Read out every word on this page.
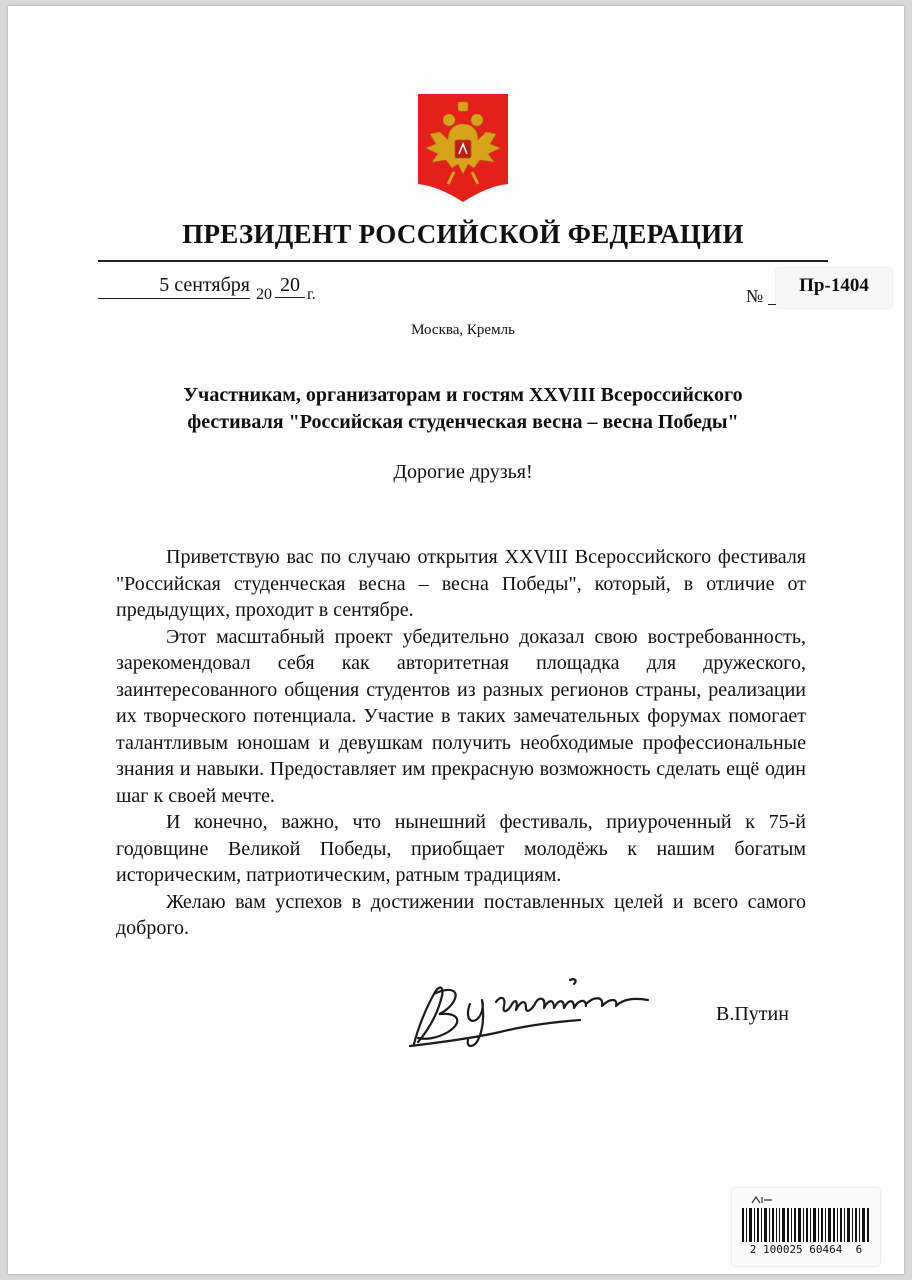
ПРЕЗИДЕНТ РОССИЙСКОЙ ФЕДЕРАЦИИ
5 сентября 20 20 г.	№	Пр-1404
Москва, Кремль
Участникам, организаторам и гостям XXVIII Всероссийского
фестиваля "Российская студенческая весна – весна Победы"
Дорогие друзья!

Приветствую вас по случаю открытия XXVIII Всероссийского фестиваля "Российская студенческая весна – весна Победы", который, в отличие от предыдущих, проходит в сентябре.

Этот масштабный проект убедительно доказал свою востребованность, зарекомендовал себя как авторитетная площадка для дружеского, заинтересованного общения студентов из разных регионов страны, реализации их творческого потенциала. Участие в таких замечательных форумах помогает талантливым юношам и девушкам получить необходимые профессиональные знания и навыки. Предоставляет им прекрасную возможность сделать ещё один шаг к своей мечте.

И конечно, важно, что нынешний фестиваль, приуроченный к 75-й годовщине Великой Победы, приобщает молодёжь к нашим богатым историческим, патриотическим, ратным традициям.

Желаю вам успехов в достижении поставленных целей и всего самого доброго.

В.Путин
2 100025 60464  6
